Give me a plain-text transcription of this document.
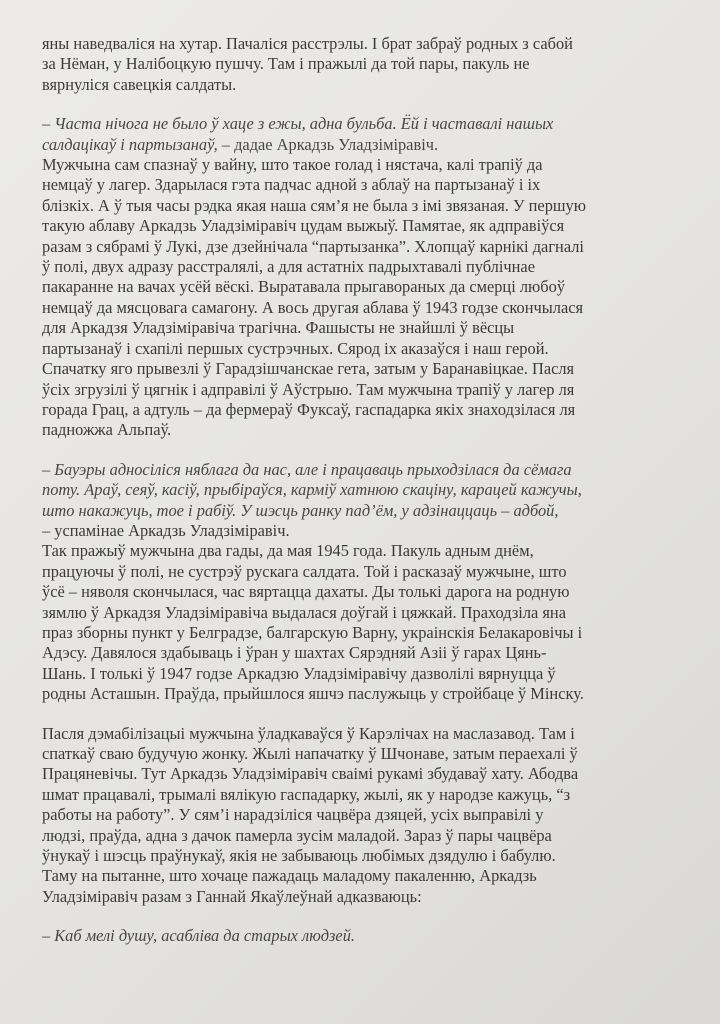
яны наведваліся на хутар. Пачаліся расстрэлы. І брат забраў родных з сабой
за Нёман, у Налібоцкую пушчу. Там і пражылі да той пары, пакуль не
вярнуліся савецкія салдаты.
– Часта нічога не было ў хаце з ежы, адна бульба. Ёй і частавалі нашых
салдацікаў і партызанаў, – дадае Аркадзь Уладзіміравіч.
Мужчына сам спазнаў у вайну, што такое голад і нястача, калі трапіў да
немцаў у лагер. Здарылася гэта падчас адной з аблаў на партызанаў і іх
блізкіх. А ў тыя часы рэдка якая наша сям’я не была з імі звязаная. У першую
такую аблаву Аркадзь Уладзіміравіч цудам выжыў. Памятае, як адправіўся
разам з сябрамі ў Лукі, дзе дзейнічала “партызанка”. Хлопцаў карнікі дагналі
ў полі, двух адразу расстралялі, а для астатніх падрыхтавалі публічнае
пакаранне на вачах усёй вёскі. Выратавала прыгавораных да смерці любоў
немцаў да мясцовага самагону. А вось другая аблава ў 1943 годзе скончылася
для Аркадзя Уладзіміравіча трагічна. Фашысты не знайшлі ў вёсцы
партызанаў і схапілі першых сустрэчных. Сярод іх аказаўся і наш герой.
Спачатку яго прывезлі ў Гарадзішчанскае гета, затым у Баранавіцкае. Пасля
ўсіх згрузілі ў цягнік і адправілі ў Аўстрыю. Там мужчына трапіў у лагер ля
горада Грац, а адтуль – да фермераў Фуксаў, гаспадарка якіх знаходзілася ля
падножжа Альпаў.
– Бауэры адносіліся няблага да нас, але і працаваць прыходзілася да сёмага
поту. Араў, сеяў, касіў, прыбіраўся, карміў хатнюю скаціну, карацей кажучы,
што накажуць, тое і рабіў. У шэсць ранку пад’ём, у адзінаццаць – адбой,
– успамінае Аркадзь Уладзіміравіч.
Так пражыў мужчына два гады, да мая 1945 года. Пакуль адным днём,
працуючы ў полі, не сустрэў рускага салдата. Той і расказаў мужчыне, што
ўсё – няволя скончылася, час вяртацца дахаты. Ды толькі дарога на родную
зямлю ў Аркадзя Уладзіміравіча выдалася доўгай і цяжкай. Праходзіла яна
праз зборны пункт у Белградзе, балгарскую Варну, украінскія Белакаровічы і
Адэсу. Давялося здабываць і ўран у шахтах Сярэдняй Азіі ў гарах Цянь-
Шань. І толькі ў 1947 годзе Аркадзю Уладзіміравічу дазволілі вярнуцца ў
родны Асташын. Праўда, прыйшлося яшчэ паслужыць у стройбаце ў Мінску.
Пасля дэмабілізацыі мужчына ўладкаваўся ў Карэлічах на маслазавод. Там і
спаткаў сваю будучую жонку. Жылі напачатку ў Шчонаве, затым пераехалі ў
Працяневічы. Тут Аркадзь Уладзіміравіч сваімі рукамі збудаваў хату. Абодва
шмат працавалі, трымалі вялікую гаспадарку, жылі, як у народзе кажуць, “з
работы на работу”. У сям’і нарадзіліся чацвёра дзяцей, усіх выправілі у
людзі, праўда, адна з дачок памерла зусім маладой. Зараз ў пары чацвёра
ўнукаў і шэсць праўнукаў, якія не забываюць любімых дзядулю і бабулю.
Таму на пытанне, што хочаце пажадаць маладому пакаленню, Аркадзь
Уладзіміравіч разам з Ганнай Якаўлеўнай адказваюць:
– Каб мелі душу, асабліва да старых людзей.
